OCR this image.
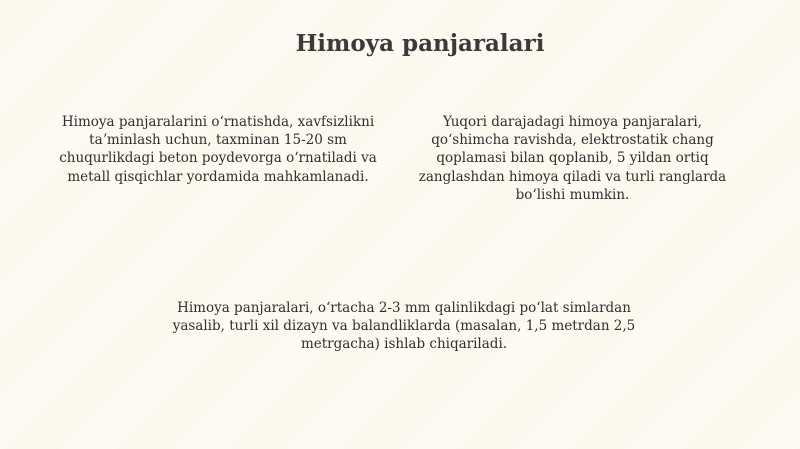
Himoya panjaralari

Himoya panjaralarini oʻrnatishda, xavfsizlikni taʼminlash uchun, taxminan 15-20 sm chuqurlikdagi beton poydevorga oʻrnatiladi va metall qisqichlar yordamida mahkamlanadi.

Yuqori darajadagi himoya panjaralari, qoʻshimcha ravishda, elektrostatik chang qoplamasi bilan qoplanib, 5 yildan ortiq zanglashdan himoya qiladi va turli ranglarda boʻlishi mumkin.

Himoya panjaralari, oʻrtacha 2-3 mm qalinlikdagi poʻlat simlardan yasalib, turli xil dizayn va balandliklarda (masalan, 1,5 metrdan 2,5 metrgacha) ishlab chiqariladi.
